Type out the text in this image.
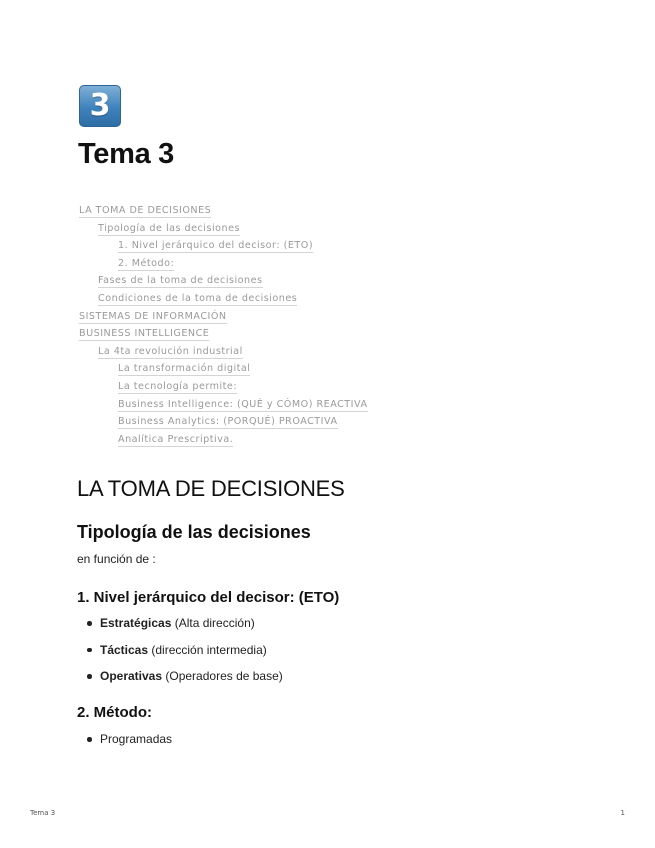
3
Tema 3
LA TOMA DE DECISIONES
Tipología de las decisiones
1. Nivel jerárquico del decisor: (ETO)
2. Método:
Fases de la toma de decisiones
Condiciones de la toma de decisiones
SISTEMAS DE INFORMACIÓN
BUSINESS INTELLIGENCE
La 4ta revolución industrial
La transformación digital
La tecnología permite:
Business Intelligence: (QUÉ y CÓMO) REACTIVA
Business Analytics: (PORQUÉ) PROACTIVA
Analítica Prescriptiva.
LA TOMA DE DECISIONES
Tipología de las decisiones

en función de :

1. Nivel jerárquico del decisor: (ETO)
Estratégicas (Alta dirección)
Tácticas (dirección intermedia)
Operativas (Operadores de base)
2. Método:
Programadas
Tema 3	1
